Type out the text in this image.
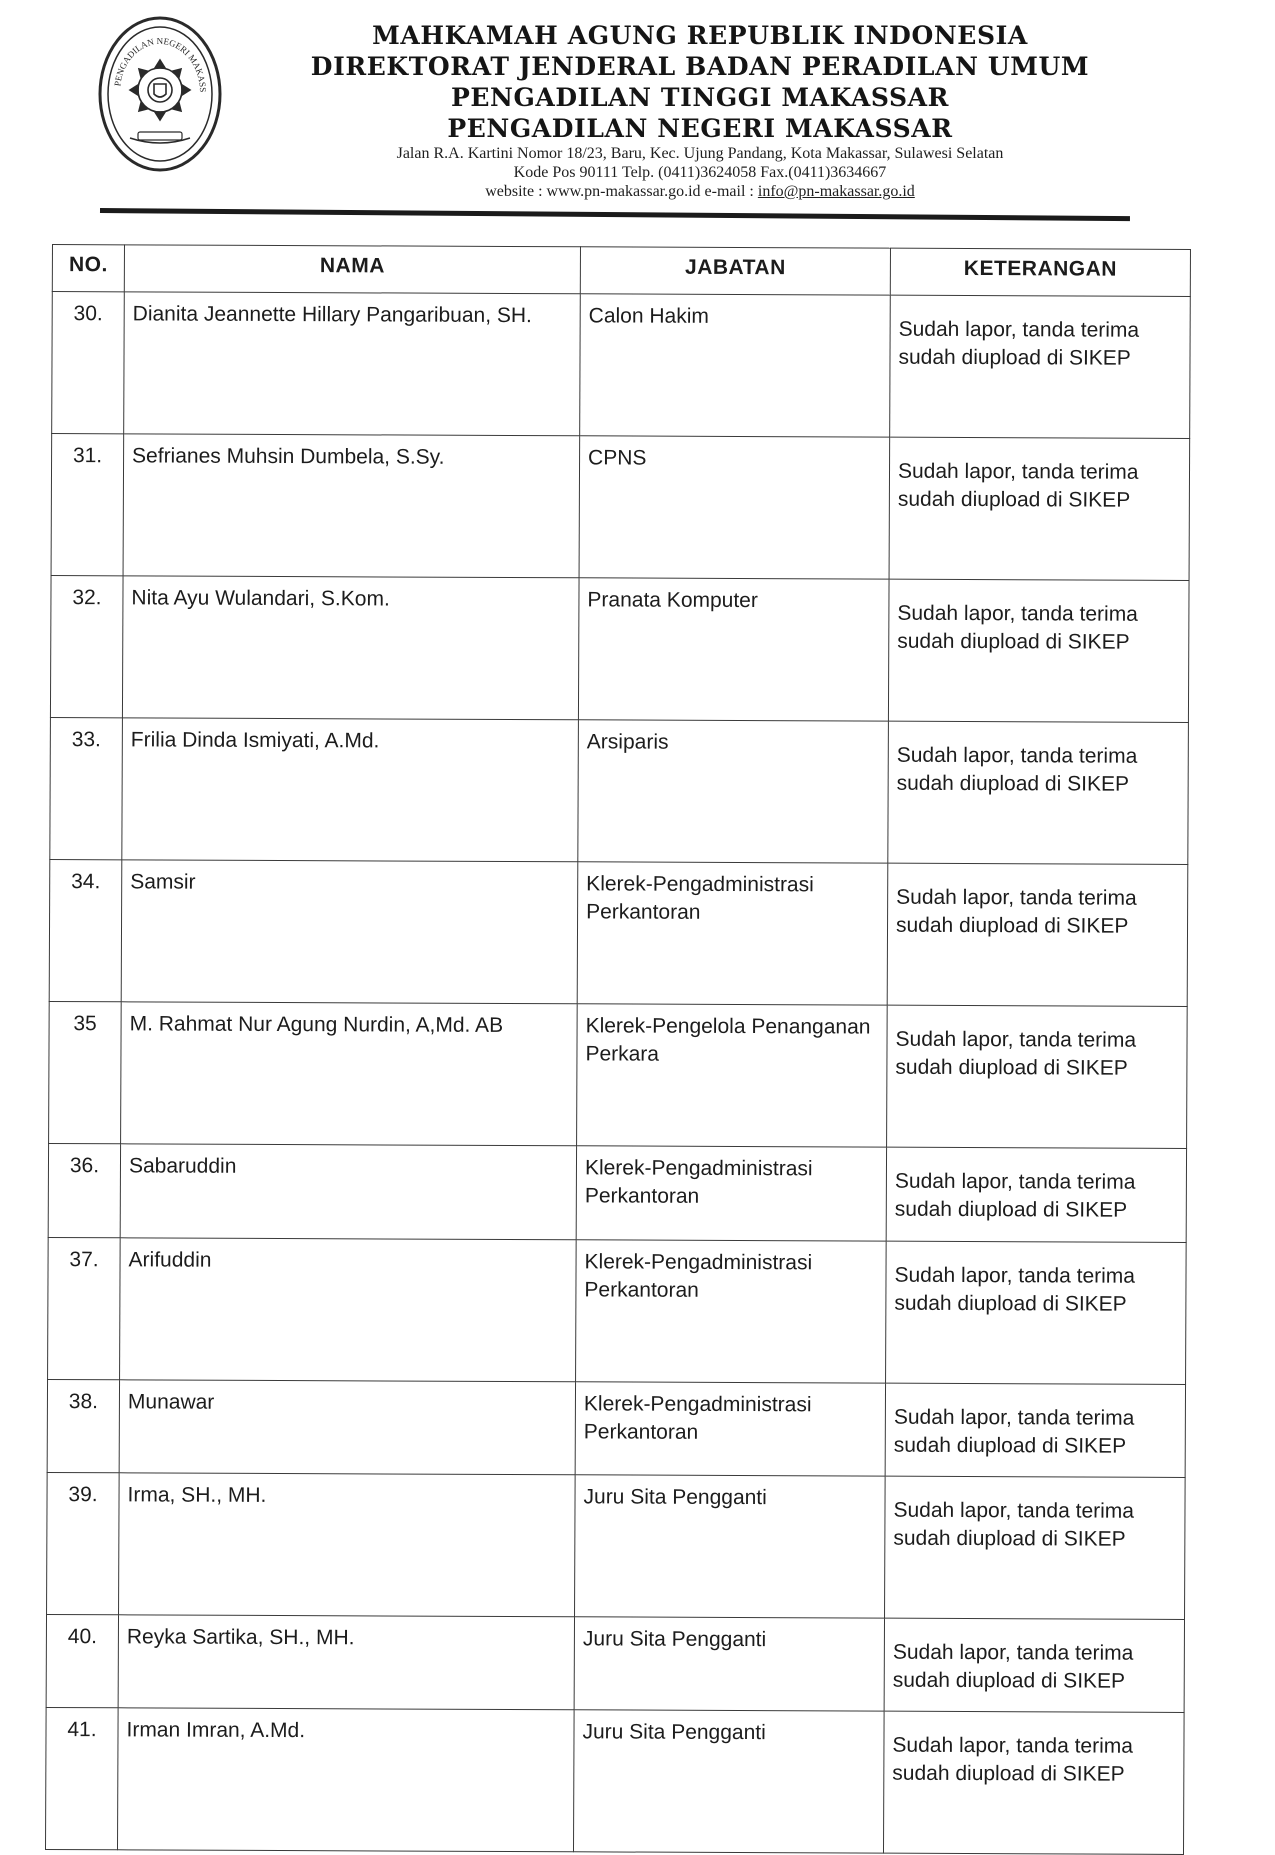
PENGADILAN NEGERI MAKASS
MAHKAMAH AGUNG REPUBLIK INDONESIA
DIREKTORAT JENDERAL BADAN PERADILAN UMUM
PENGADILAN TINGGI MAKASSAR
PENGADILAN NEGERI MAKASSAR
Jalan R.A. Kartini Nomor 18/23, Baru, Kec. Ujung Pandang, Kota Makassar, Sulawesi Selatan
Kode Pos 90111 Telp. (0411)3624058 Fax.(0411)3634667
website : www.pn-makassar.go.id e-mail : info@pn-makassar.go.id
NO.	NAMA	JABATAN	KETERANGAN
30.	Dianita Jeannette Hillary Pangaribuan, SH.	Calon Hakim	Sudah lapor, tanda terima sudah diupload di SIKEP
31.	Sefrianes Muhsin Dumbela, S.Sy.	CPNS	Sudah lapor, tanda terima sudah diupload di SIKEP
32.	Nita Ayu Wulandari, S.Kom.	Pranata Komputer	Sudah lapor, tanda terima sudah diupload di SIKEP
33.	Frilia Dinda Ismiyati, A.Md.	Arsiparis	Sudah lapor, tanda terima sudah diupload di SIKEP
34.	Samsir	Klerek-Pengadministrasi Perkantoran	Sudah lapor, tanda terima sudah diupload di SIKEP
35	M. Rahmat Nur Agung Nurdin, A,Md. AB	Klerek-Pengelola Penanganan Perkara	Sudah lapor, tanda terima sudah diupload di SIKEP
36.	Sabaruddin	Klerek-Pengadministrasi Perkantoran	Sudah lapor, tanda terima sudah diupload di SIKEP
37.	Arifuddin	Klerek-Pengadministrasi Perkantoran	Sudah lapor, tanda terima sudah diupload di SIKEP
38.	Munawar	Klerek-Pengadministrasi Perkantoran	Sudah lapor, tanda terima sudah diupload di SIKEP
39.	Irma, SH., MH.	Juru Sita Pengganti	Sudah lapor, tanda terima sudah diupload di SIKEP
40.	Reyka Sartika, SH., MH.	Juru Sita Pengganti	Sudah lapor, tanda terima sudah diupload di SIKEP
41.	Irman Imran, A.Md.	Juru Sita Pengganti	Sudah lapor, tanda terima sudah diupload di SIKEP
